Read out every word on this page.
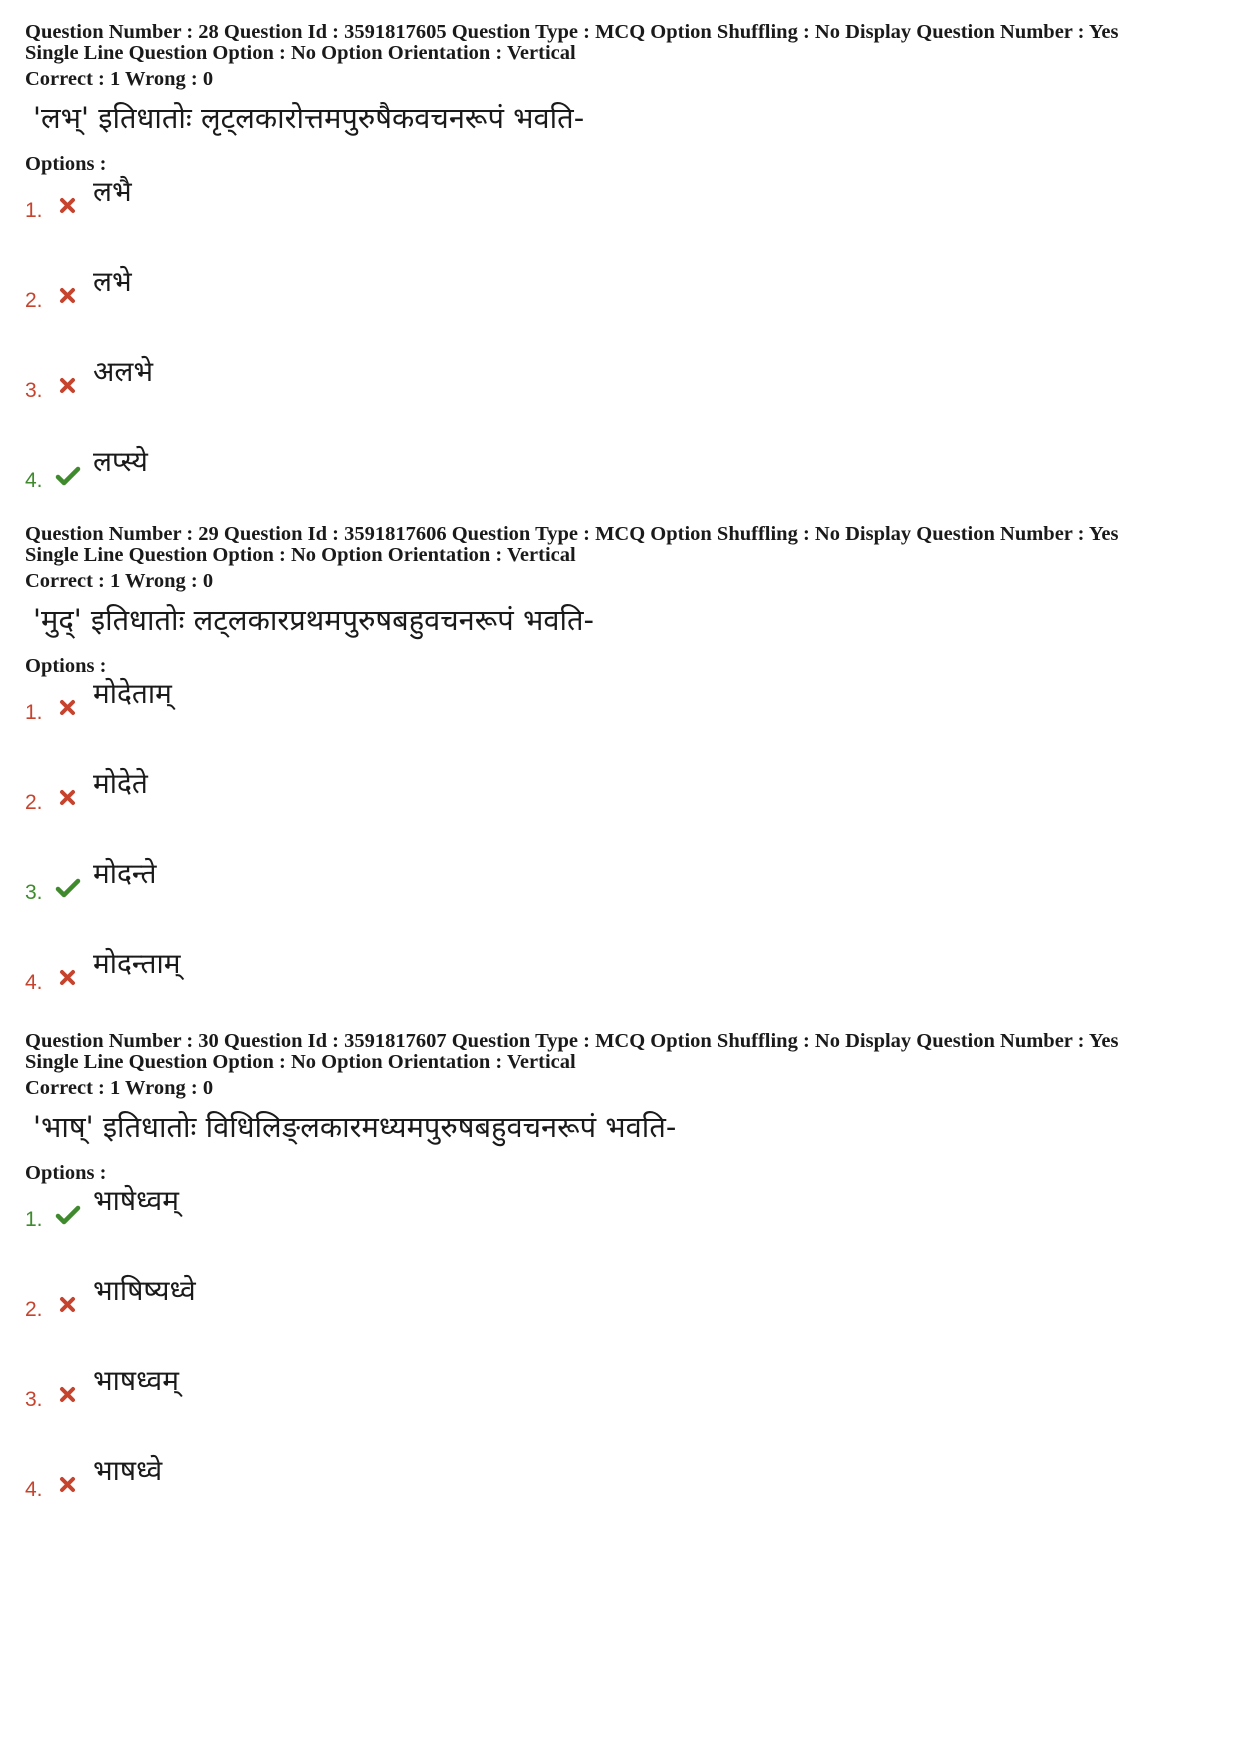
Question Number : 28 Question Id : 3591817605 Question Type : MCQ Option Shuffling : No Display Question Number : Yes
Single Line Question Option : No Option Orientation : Vertical
Correct : 1 Wrong : 0
'लभ्' इतिधातोः लृट्लकारोत्तमपुरुषैकवचनरूपं भवति-
Options :
1.
लभै
2.
लभे
3.
अलभे
4.
लप्स्ये
Question Number : 29 Question Id : 3591817606 Question Type : MCQ Option Shuffling : No Display Question Number : Yes
Single Line Question Option : No Option Orientation : Vertical
Correct : 1 Wrong : 0
'मुद्' इतिधातोः लट्लकारप्रथमपुरुषबहुवचनरूपं भवति-
Options :
1.
मोदेताम्
2.
मोदेते
3.
मोदन्ते
4.
मोदन्ताम्
Question Number : 30 Question Id : 3591817607 Question Type : MCQ Option Shuffling : No Display Question Number : Yes
Single Line Question Option : No Option Orientation : Vertical
Correct : 1 Wrong : 0
'भाष्' इतिधातोः विधिलिङ्लकारमध्यमपुरुषबहुवचनरूपं भवति-
Options :
1.
भाषेध्वम्
2.
भाषिष्यध्वे
3.
भाषध्वम्
4.
भाषध्वे
